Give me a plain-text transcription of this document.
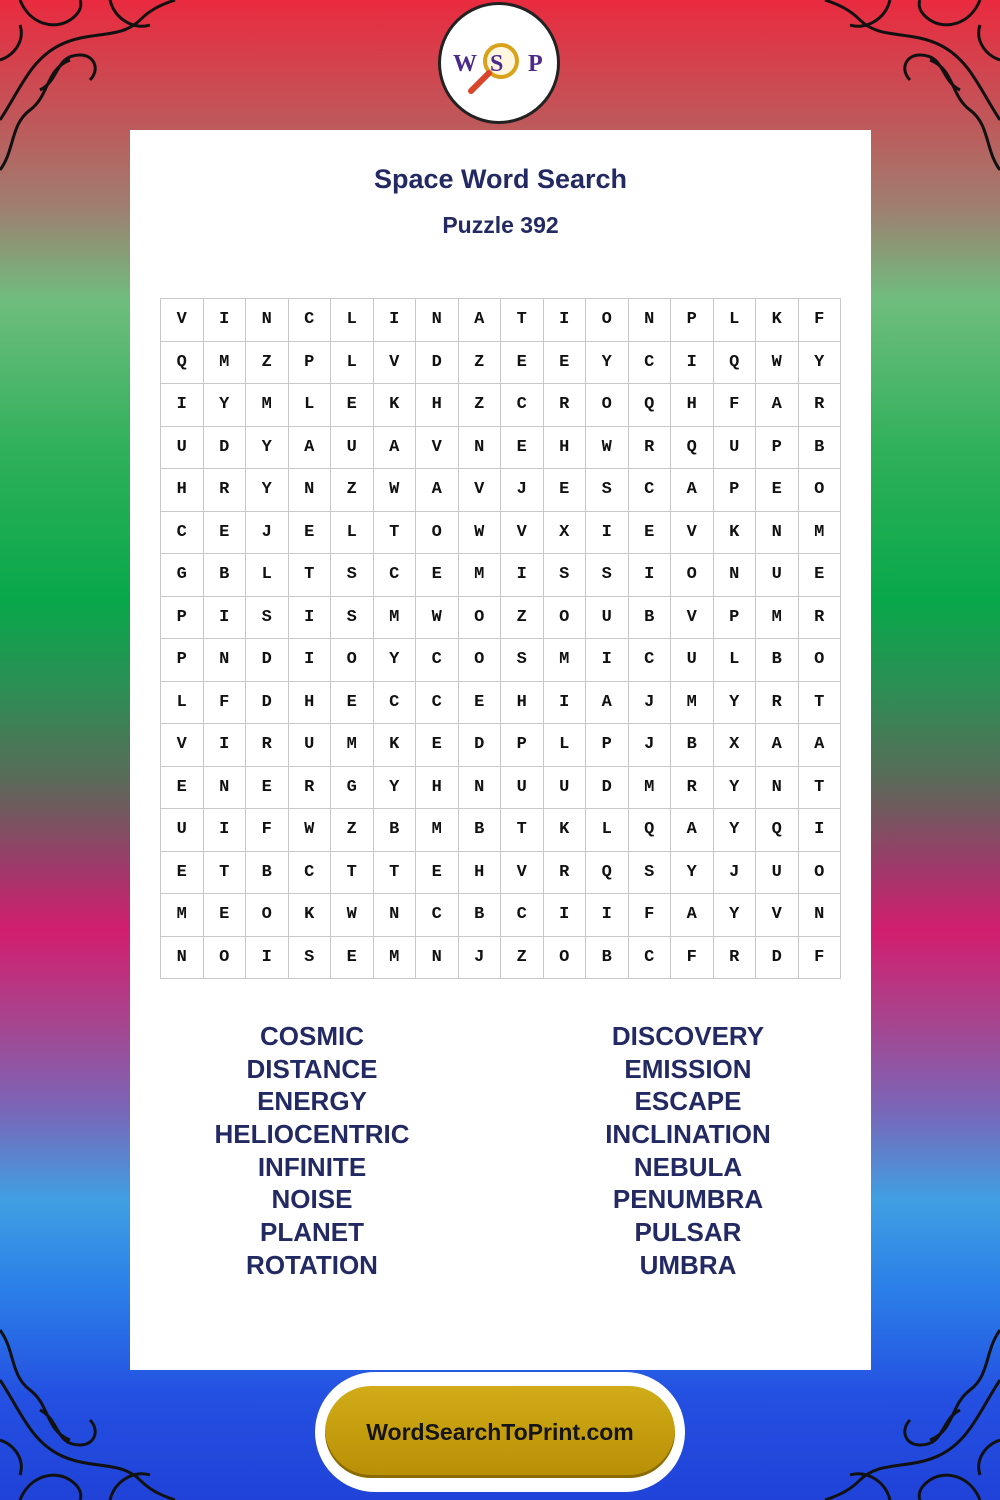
W S P
Space Word Search
Puzzle 392
V	I	N	C	L	I	N	A	T	I	O	N	P	L	K	F
Q	M	Z	P	L	V	D	Z	E	E	Y	C	I	Q	W	Y
I	Y	M	L	E	K	H	Z	C	R	O	Q	H	F	A	R
U	D	Y	A	U	A	V	N	E	H	W	R	Q	U	P	B
H	R	Y	N	Z	W	A	V	J	E	S	C	A	P	E	O
C	E	J	E	L	T	O	W	V	X	I	E	V	K	N	M
G	B	L	T	S	C	E	M	I	S	S	I	O	N	U	E
P	I	S	I	S	M	W	O	Z	O	U	B	V	P	M	R
P	N	D	I	O	Y	C	O	S	M	I	C	U	L	B	O
L	F	D	H	E	C	C	E	H	I	A	J	M	Y	R	T
V	I	R	U	M	K	E	D	P	L	P	J	B	X	A	A
E	N	E	R	G	Y	H	N	U	U	D	M	R	Y	N	T
U	I	F	W	Z	B	M	B	T	K	L	Q	A	Y	Q	I
E	T	B	C	T	T	E	H	V	R	Q	S	Y	J	U	O
M	E	O	K	W	N	C	B	C	I	I	F	A	Y	V	N
N	O	I	S	E	M	N	J	Z	O	B	C	F	R	D	F
COSMIC
DISTANCE
ENERGY
HELIOCENTRIC
INFINITE
NOISE
PLANET
ROTATION
DISCOVERY
EMISSION
ESCAPE
INCLINATION
NEBULA
PENUMBRA
PULSAR
UMBRA
WordSearchToPrint.com
